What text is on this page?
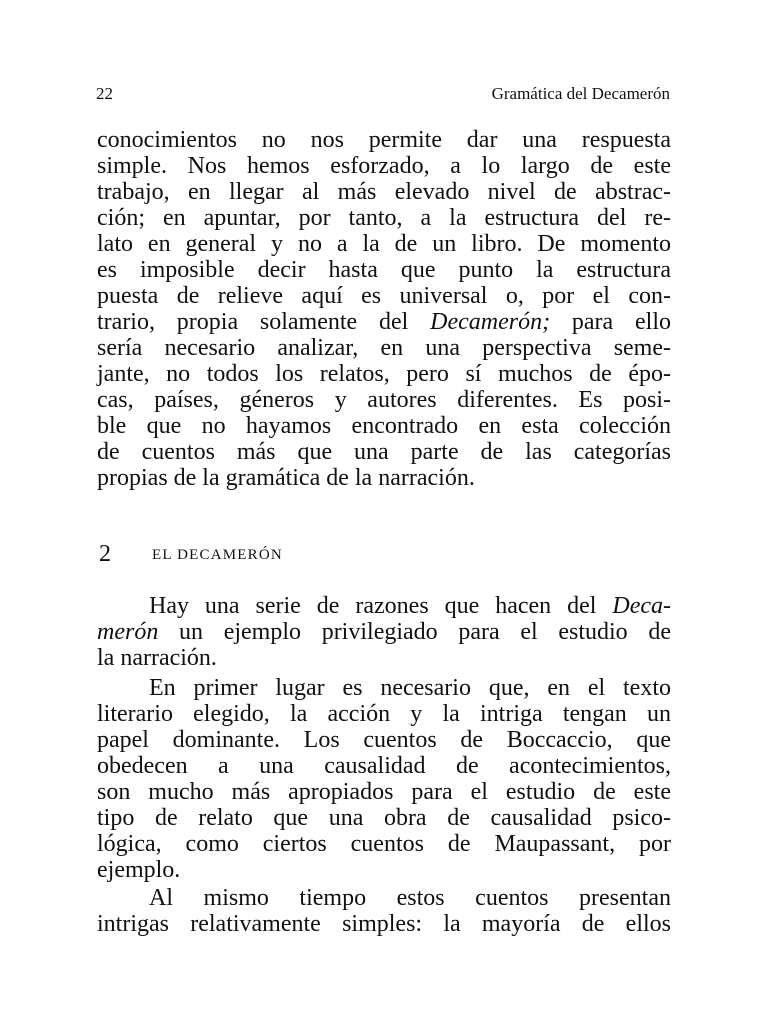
22	Gramática del Decamerón
conocimientos no nos permite dar una respuesta
simple. Nos hemos esforzado, a lo largo de este
trabajo, en llegar al más elevado nivel de abstrac-
ción; en apuntar, por tanto, a la estructura del re-
lato en general y no a la de un libro. De momento
es imposible decir hasta que punto la estructura
puesta de relieve aquí es universal o, por el con-
trario, propia solamente del Decamerón; para ello
sería necesario analizar, en una perspectiva seme-
jante, no todos los relatos, pero sí muchos de épo-
cas, países, géneros y autores diferentes. Es posi-
ble que no hayamos encontrado en esta colección
de cuentos más que una parte de las categorías
propias de la gramática de la narración.
2	EL DECAMERÓN
Hay una serie de razones que hacen del Deca-
merón un ejemplo privilegiado para el estudio de
la narración.
En primer lugar es necesario que, en el texto
literario elegido, la acción y la intriga tengan un
papel dominante. Los cuentos de Boccaccio, que
obedecen a una causalidad de acontecimientos,
son mucho más apropiados para el estudio de este
tipo de relato que una obra de causalidad psico-
lógica, como ciertos cuentos de Maupassant, por
ejemplo.
Al mismo tiempo estos cuentos presentan
intrigas relativamente simples: la mayoría de ellos
